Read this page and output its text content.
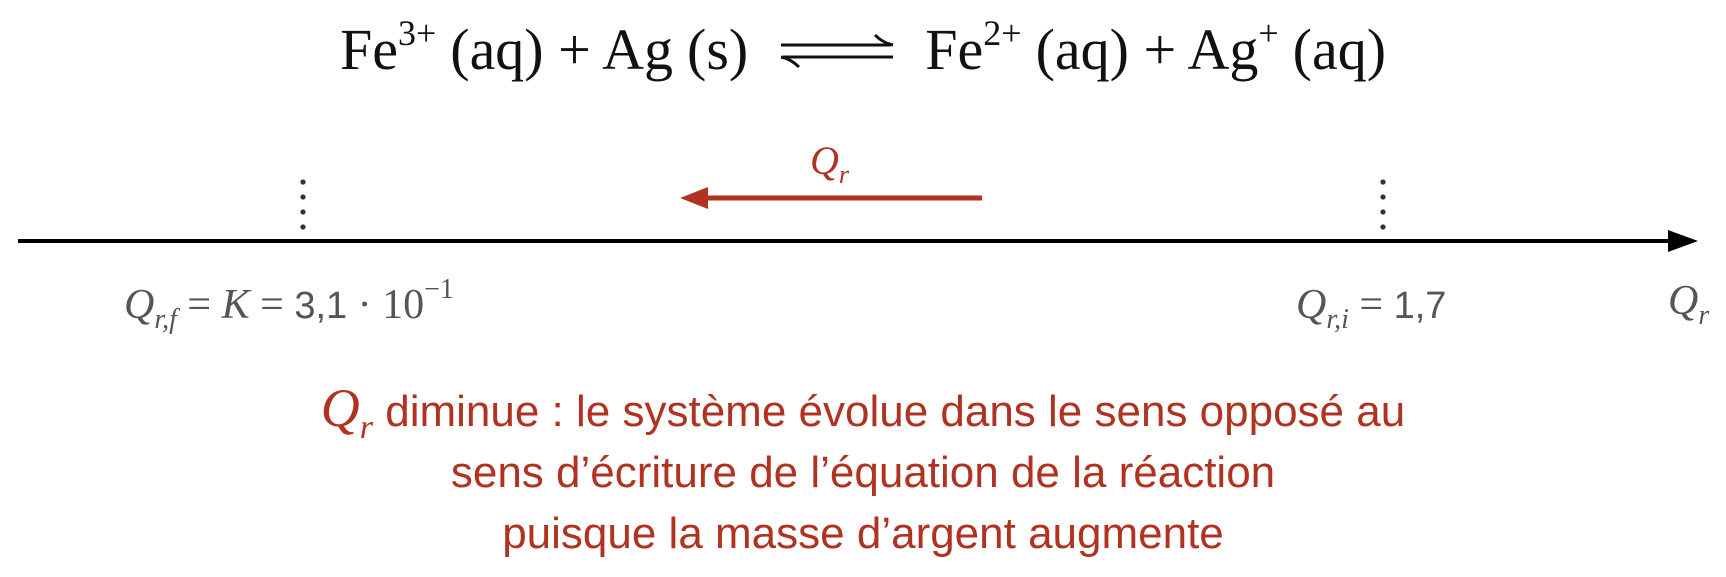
$Fe^{3+}$ (aq) + Ag (s) ⇌ $Fe^{2+}$ (aq) + Ag+ (aq)
$Q_r$
$Q_{r,f} = K = 3,1 \cdot 10^{-1}$	$Q_{r,i} = 1,7$	$Q_r$
$Q_r$ diminue : le système évolue dans le sens opposé au
sens d’écriture de l’équation de la réaction
puisque la masse d’argent augmente
